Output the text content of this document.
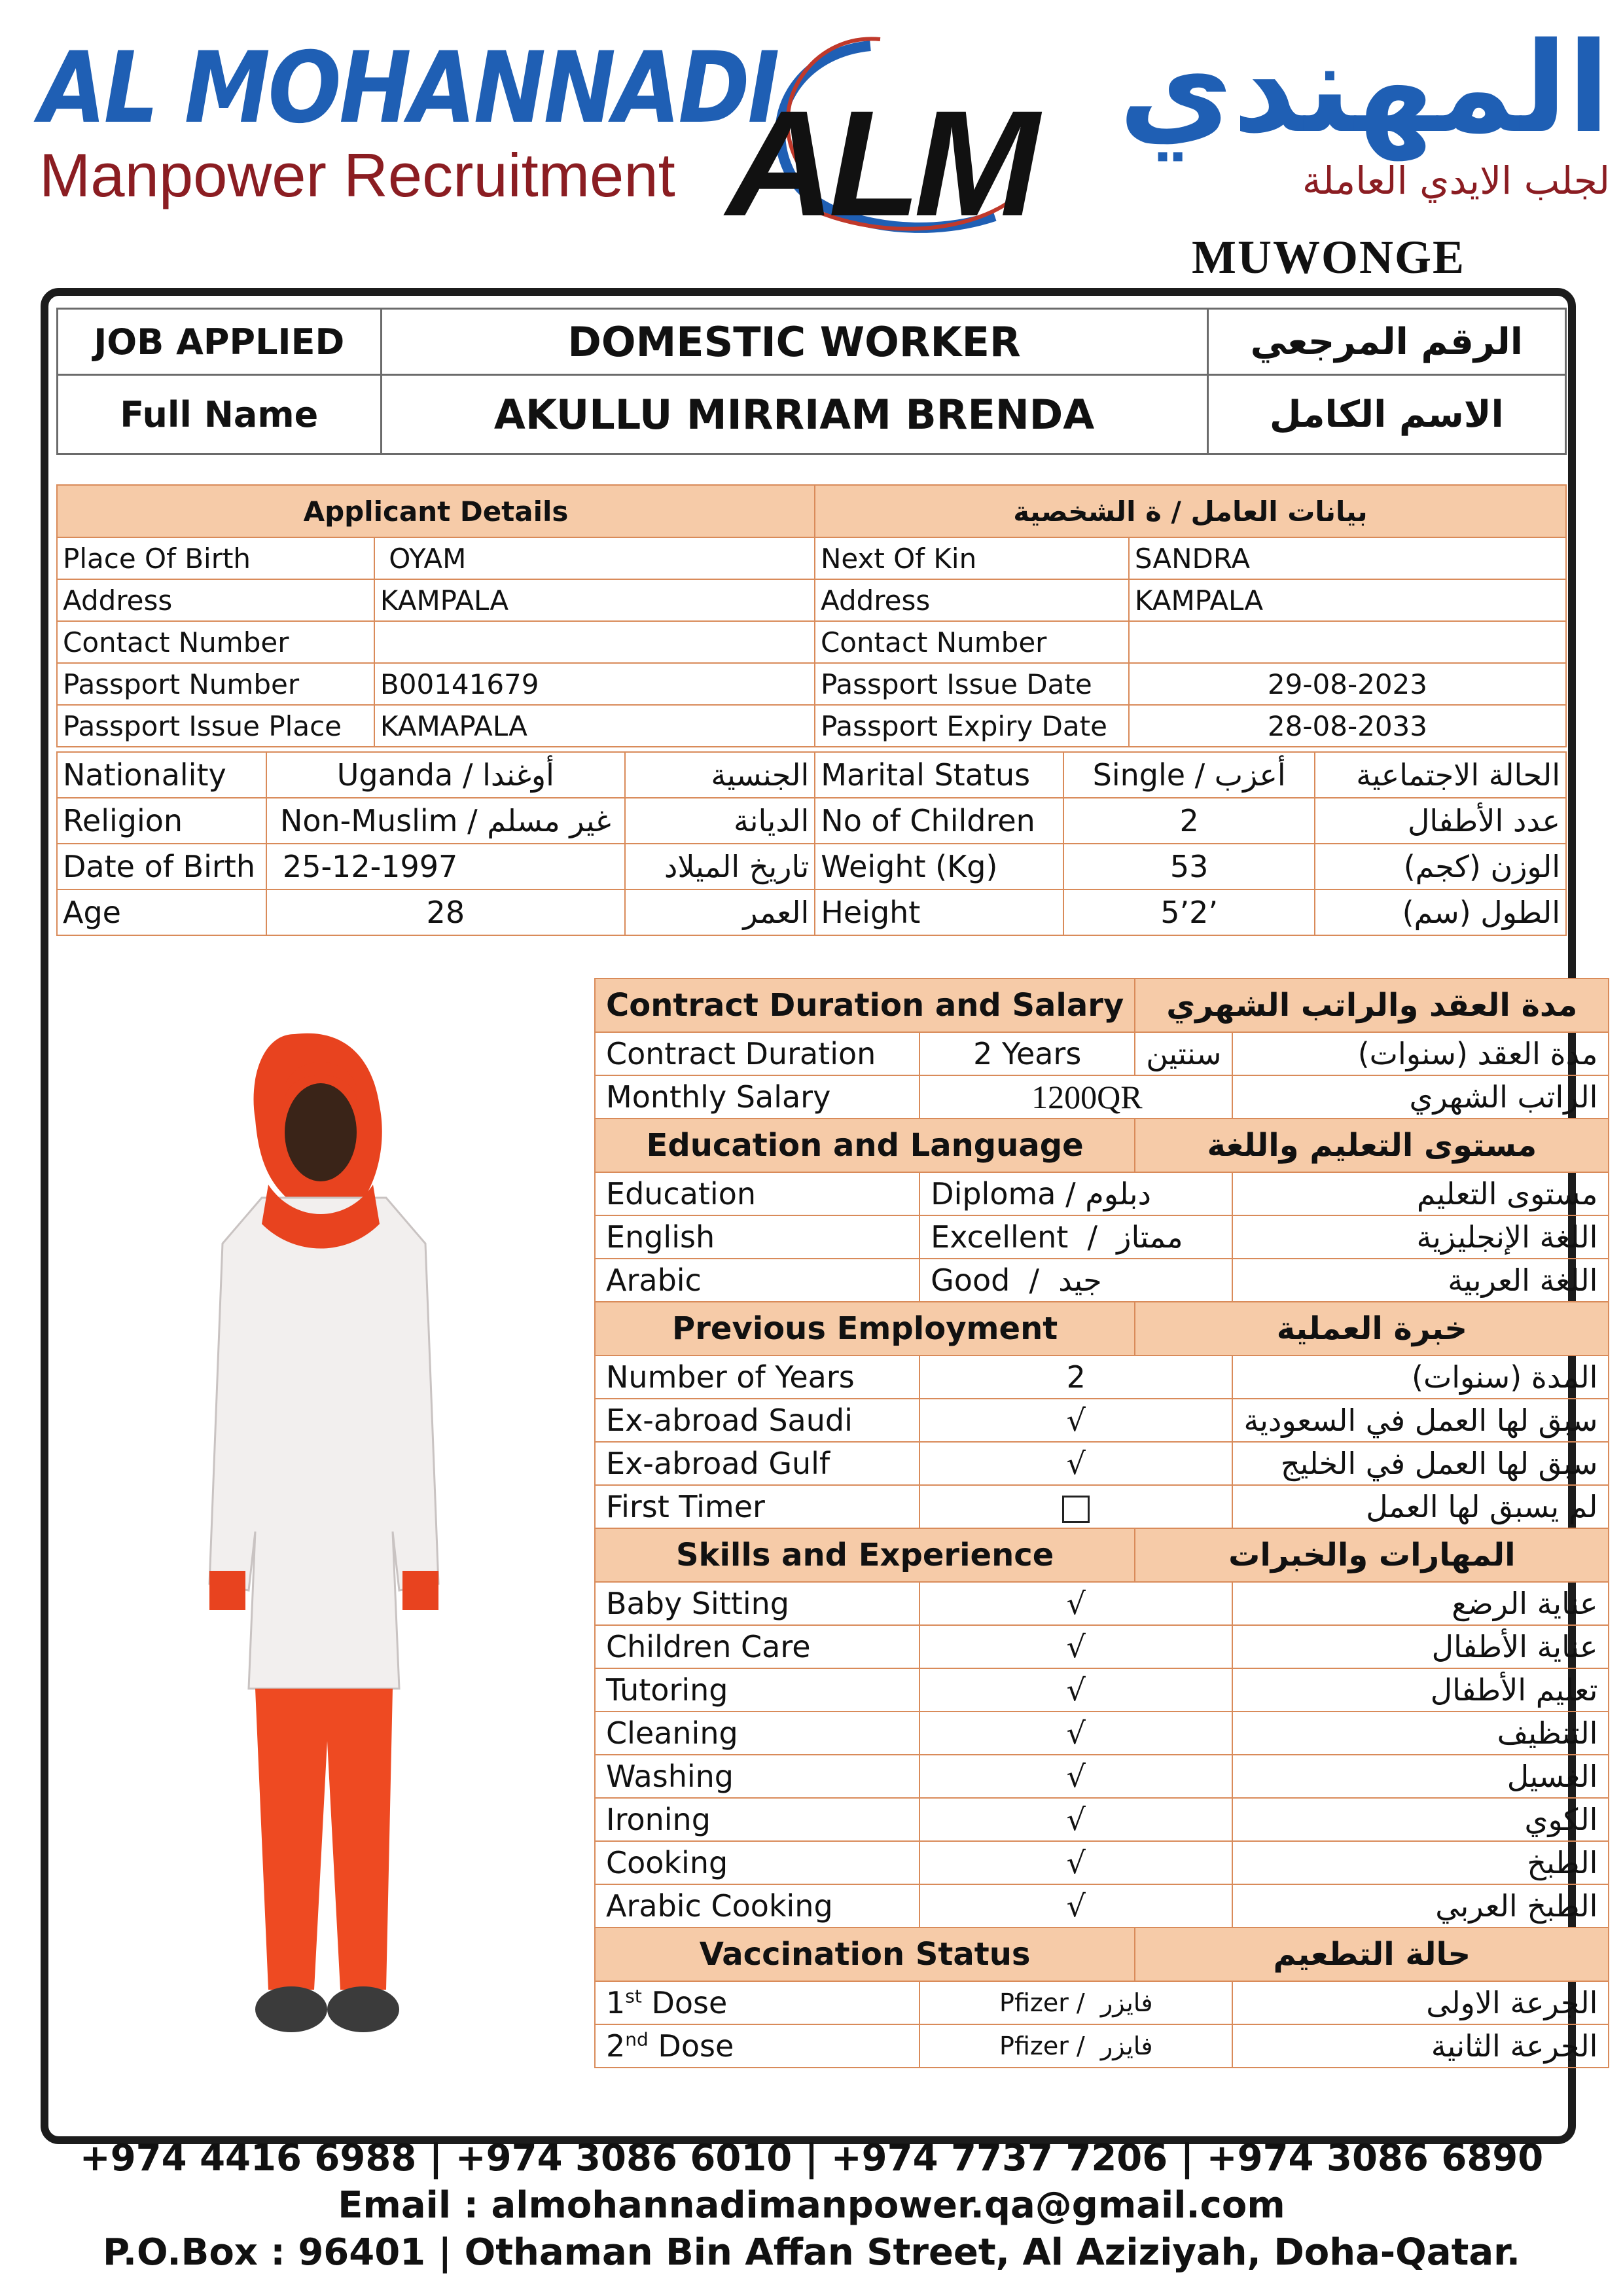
AL MOHANNADI
Manpower Recruitment ALM المهندي
لجلب الايدي العاملة
MUWONGE
JOB APPLIED	DOMESTIC WORKER	الرقم المرجعي
Full Name	AKULLU MIRRIAM BRENDA	الاسم الكامل
Applicant Details		بيانات العامل / ة الشخصية	
Place Of Birth	OYAM	Next Of Kin	SANDRA
Address	KAMPALA	Address	KAMPALA
Contact Number		Contact Number	
Passport Number	B00141679	Passport Issue Date	29-08-2023
Passport Issue Place	KAMAPALA	Passport Expiry Date	28-08-2033
Nationality	Uganda / أوغندا	الجنسية	Marital Status	Single / أعزب	الحالة الاجتماعية
Religion	Non-Muslim / غير مسلم	الديانة	No of Children	2	عدد الأطفال
Date of Birth	25-12-1997	تاريخ الميلاد	Weight (Kg)	53	الوزن (كجم)
Age	28	العمر	Height	5’2’	الطول (سم)
Contract Duration and Salary		مدة العقد والراتب الشهري	
Contract Duration	2 Years	سنتين	مدة العقد (سنوات)
Monthly Salary	1200QR		الراتب الشهري
Education and Language		مستوى التعليم واللغة	
Education	Diploma / دبلوم		مستوى التعليم
English	Excellent  /  ممتاز		اللغة الإنجليزية
Arabic	Good  /  جيد		اللغة العربية
Previous Employment		خبرة العملية	
Number of Years	2		المدة (سنوات)
Ex-abroad Saudi	√		سبق لها العمل في السعودية
Ex-abroad Gulf	√		سبق لها العمل في الخليج
First Timer			لم يسبق لها العمل
Skills and Experience		المهارات والخبرات	
Baby Sitting	√		عناية الرضع
Children Care	√		عناية الأطفال
Tutoring	√		تعليم الأطفال
Cleaning	√		التنظيف
Washing	√		الغسيل
Ironing	√		الكوي
Cooking	√		الطبخ
Arabic Cooking	√		الطبخ العربي
Vaccination Status		حالة التطعيم	
1st Dose	Pfizer /  فايزر		الجرعة الاولى
2nd Dose	Pfizer /  فايزر		الجرعة الثانية
+974 4416 6988 | +974 3086 6010 | +974 7737 7206 | +974 3086 6890
Email : almohannadimanpower.qa@gmail.com
P.O.Box : 96401 | Othaman Bin Affan Street, Al Aziziyah, Doha-Qatar.
